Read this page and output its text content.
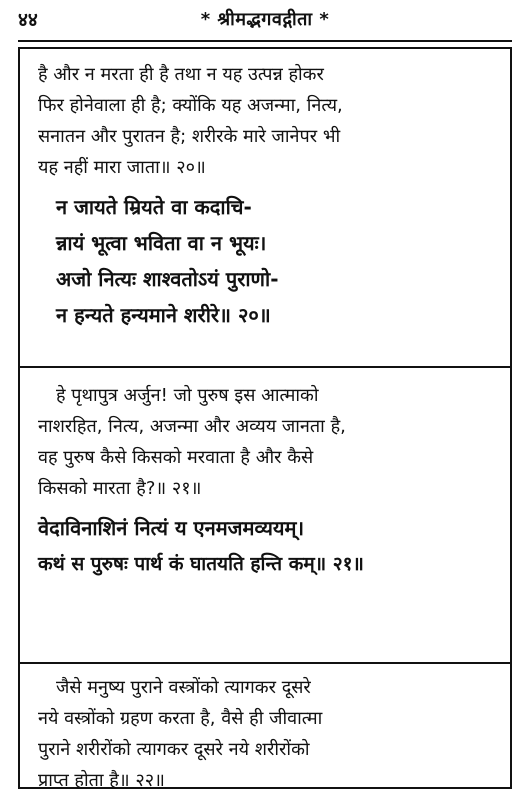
४४	* श्रीमद्भगवद्गीता *

है और न मरता ही है तथा न यह उत्पन्न होकर
फिर होनेवाला ही है; क्योंकि यह अजन्मा, नित्य,
सनातन और पुरातन है; शरीरके मारे जानेपर भी
यह नहीं मारा जाता॥ २०॥

न जायते म्रियते वा कदाचि-
न्नायं भूत्वा भविता वा न भूयः।
अजो नित्यः शाश्वतोऽयं पुराणो-
न हन्यते हन्यमाने शरीरे॥ २०॥

हे पृथापुत्र अर्जुन! जो पुरुष इस आत्माको
नाशरहित, नित्य, अजन्मा और अव्यय जानता है,
वह पुरुष कैसे किसको मरवाता है और कैसे
किसको मारता है?॥ २१॥

वेदाविनाशिनं नित्यं य एनमजमव्ययम्।
कथं स पुरुषः पार्थ कं घातयति हन्ति कम्॥ २१॥

जैसे मनुष्य पुराने वस्त्रोंको त्यागकर दूसरे
नये वस्त्रोंको ग्रहण करता है, वैसे ही जीवात्मा
पुराने शरीरोंको त्यागकर दूसरे नये शरीरोंको
प्राप्त होता है॥ २२॥
